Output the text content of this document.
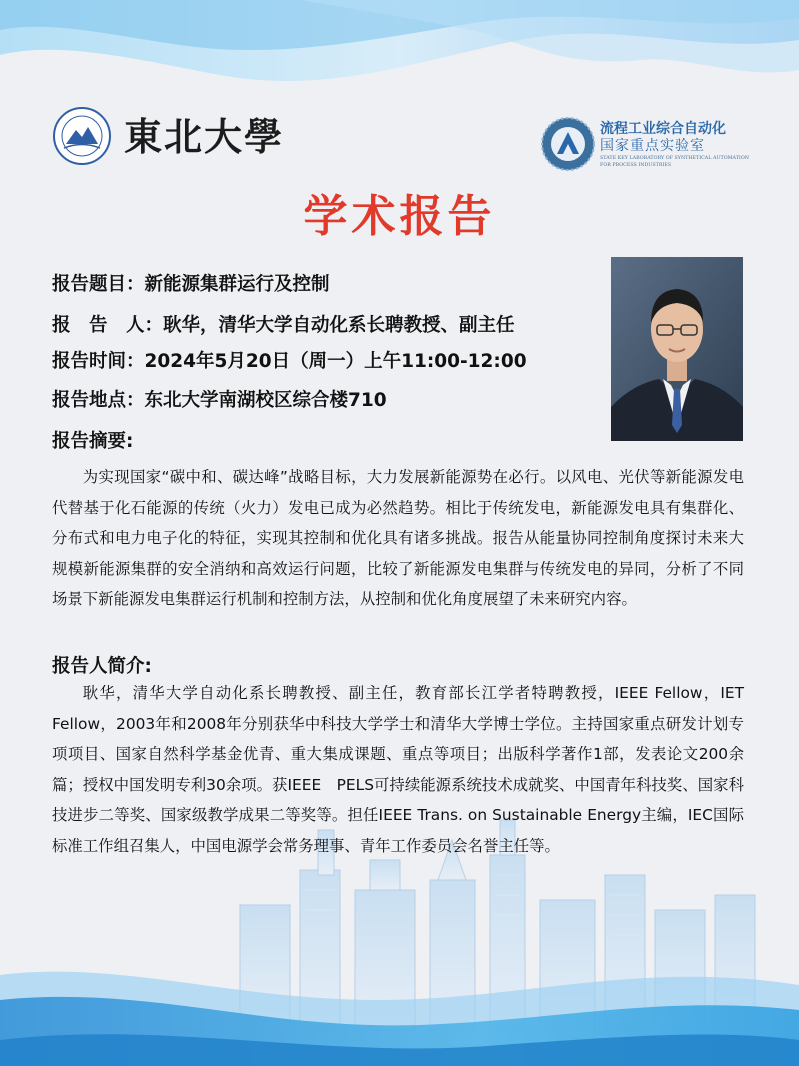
東北大學	流程工业综合自动化
国家重点实验室
STATE KEY LABORATORY OF SYNTHETICAL AUTOMATION
FOR PROCESS INDUSTRIES
学术报告
报告题目：新能源集群运行及控制
报　告　人：耿华，清华大学自动化系长聘教授、副主任
报告时间：2024年5月20日（周一）上午11:00-12:00
报告地点：东北大学南湖校区综合楼710
报告摘要:
为实现国家“碳中和、碳达峰”战略目标，大力发展新能源势在必行。以风电、光伏等新能源发电代替基于化石能源的传统（火力）发电已成为必然趋势。相比于传统发电，新能源发电具有集群化、分布式和电力电子化的特征，实现其控制和优化具有诸多挑战。报告从能量协同控制角度探讨未来大规模新能源集群的安全消纳和高效运行问题，比较了新能源发电集群与传统发电的异同，分析了不同场景下新能源发电集群运行机制和控制方法，从控制和优化角度展望了未来研究内容。
报告人简介:
耿华，清华大学自动化系长聘教授、副主任，教育部长江学者特聘教授，IEEE Fellow，IET　Fellow，2003年和2008年分别获华中科技大学学士和清华大学博士学位。主持国家重点研发计划专项项目、国家自然科学基金优青、重大集成课题、重点等项目；出版科学著作1部，发表论文200余篇；授权中国发明专利30余项。获IEEE　PELS可持续能源系统技术成就奖、中国青年科技奖、国家科技进步二等奖、国家级教学成果二等奖等。担任IEEE Trans. on Sustainable Energy主编，IEC国际标准工作组召集人，中国电源学会常务理事、青年工作委员会名誉主任等。
